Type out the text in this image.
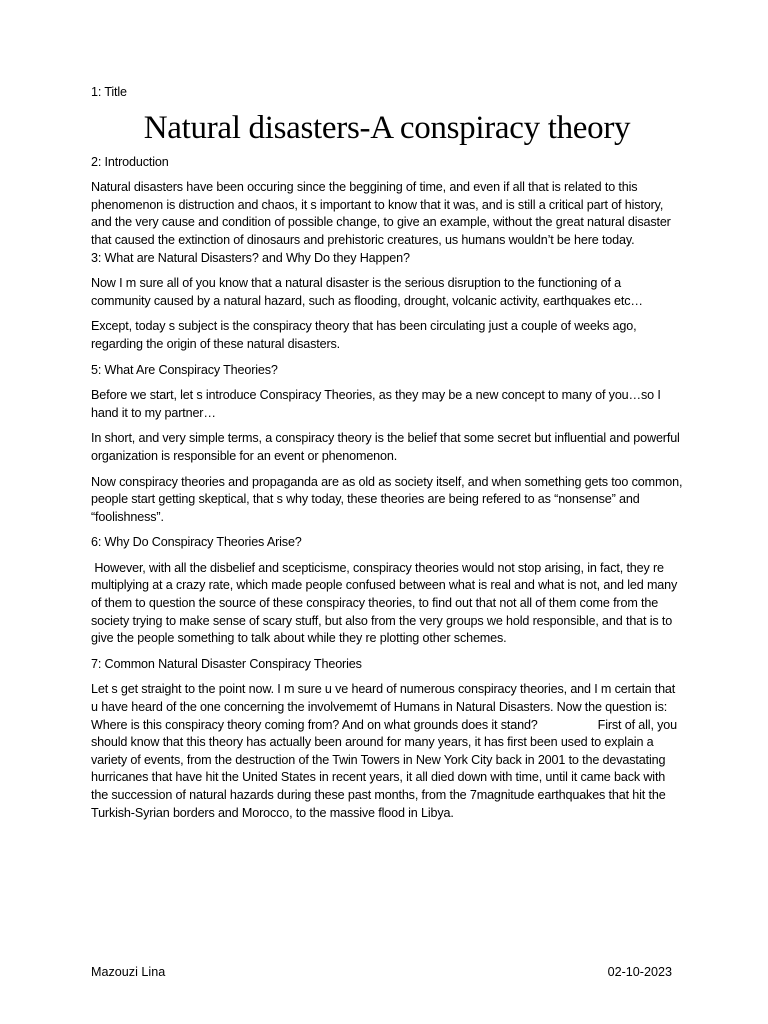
1: Title
Natural disasters-A conspiracy theory
2: Introduction

Natural disasters have been occuring since the beggining of time, and even if all that is related to this phenomenon is distruction and chaos, it s important to know that it was, and is still a critical part of history, and the very cause and condition of possible change, to give an example, without the great natural disaster that caused the extinction of dinosaurs and prehistoric creatures, us humans wouldn’t be here today.

3: What are Natural Disasters? and Why Do they Happen?

Now I m sure all of you know that a natural disaster is the serious disruption to the functioning of a community caused by a natural hazard, such as flooding, drought, volcanic activity, earthquakes etc…

Except, today s subject is the conspiracy theory that has been circulating just a couple of weeks ago, regarding the origin of these natural disasters.

5: What Are Conspiracy Theories?

Before we start, let s introduce Conspiracy Theories, as they may be a new concept to many of you…so I hand it to my partner…

In short, and very simple terms, a conspiracy theory is the belief that some secret but influential and powerful organization is responsible for an event or phenomenon.

Now conspiracy theories and propaganda are as old as society itself, and when something gets too common, people start getting skeptical, that s why today, these theories are being refered to as “nonsense” and “foolishness”.

6: Why Do Conspiracy Theories Arise?

However, with all the disbelief and scepticisme, conspiracy theories would not stop arising, in fact, they re multiplying at a crazy rate, which made people confused between what is real and what is not, and led many of them to question the source of these conspiracy theories, to find out that not all of them come from the society trying to make sense of scary stuff, but also from the very groups we hold responsible, and that is to give the people something to talk about while they re plotting other schemes.

7: Common Natural Disaster Conspiracy Theories

Let s get straight to the point now. I m sure u ve heard of numerous conspiracy theories, and I m certain that u have heard of the one concerning the involvememt of Humans in Natural Disasters. Now the question is: Where is this conspiracy theory coming from? And on what grounds does it stand?	First of all, you should know that this theory has actually been around for many years, it has first been used to explain a variety of events, from the destruction of the Twin Towers in New York City back in 2001 to the devastating hurricanes that have hit the United States in recent years, it all died down with time, until it came back with the succession of natural hazards during these past months, from the 7magnitude earthquakes that hit the Turkish-Syrian borders and Morocco, to the massive flood in Libya.

Mazouzi Lina	02-10-2023
